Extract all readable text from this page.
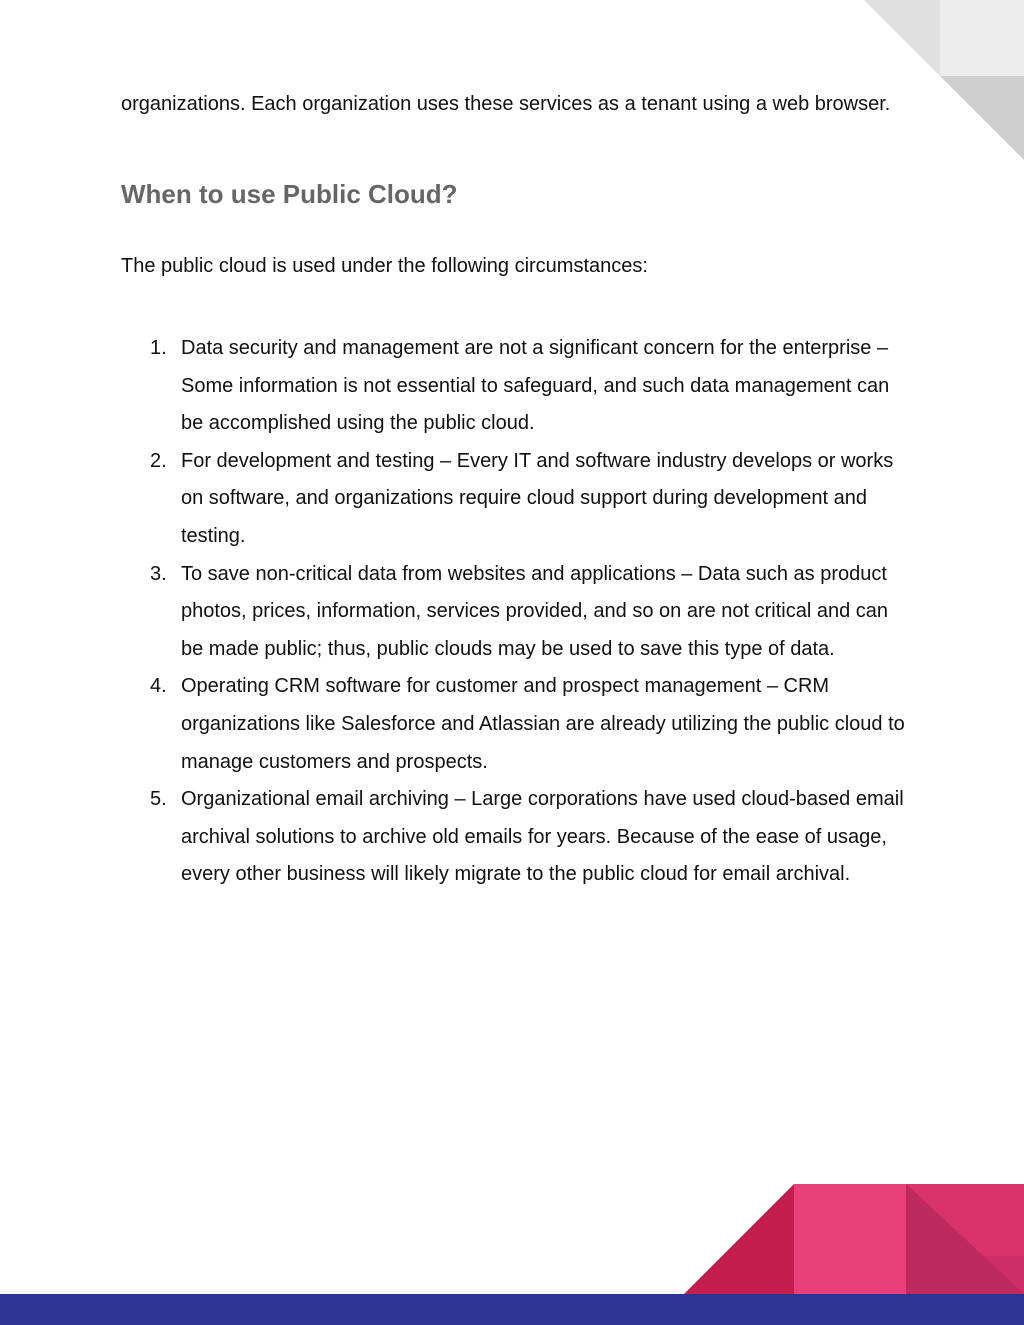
organizations. Each organization uses these services as a tenant using a web browser.

When to use Public Cloud?

The public cloud is used under the following circumstances:

1. Data security and management are not a significant concern for the enterprise – Some information is not essential to safeguard, and such data management can be accomplished using the public cloud.
2. For development and testing – Every IT and software industry develops or works on software, and organizations require cloud support during development and testing.
3. To save non-critical data from websites and applications – Data such as product photos, prices, information, services provided, and so on are not critical and can be made public; thus, public clouds may be used to save this type of data.
4. Operating CRM software for customer and prospect management – CRM organizations like Salesforce and Atlassian are already utilizing the public cloud to manage customers and prospects.
5. Organizational email archiving – Large corporations have used cloud-based email archival solutions to archive old emails for years. Because of the ease of usage, every other business will likely migrate to the public cloud for email archival.
